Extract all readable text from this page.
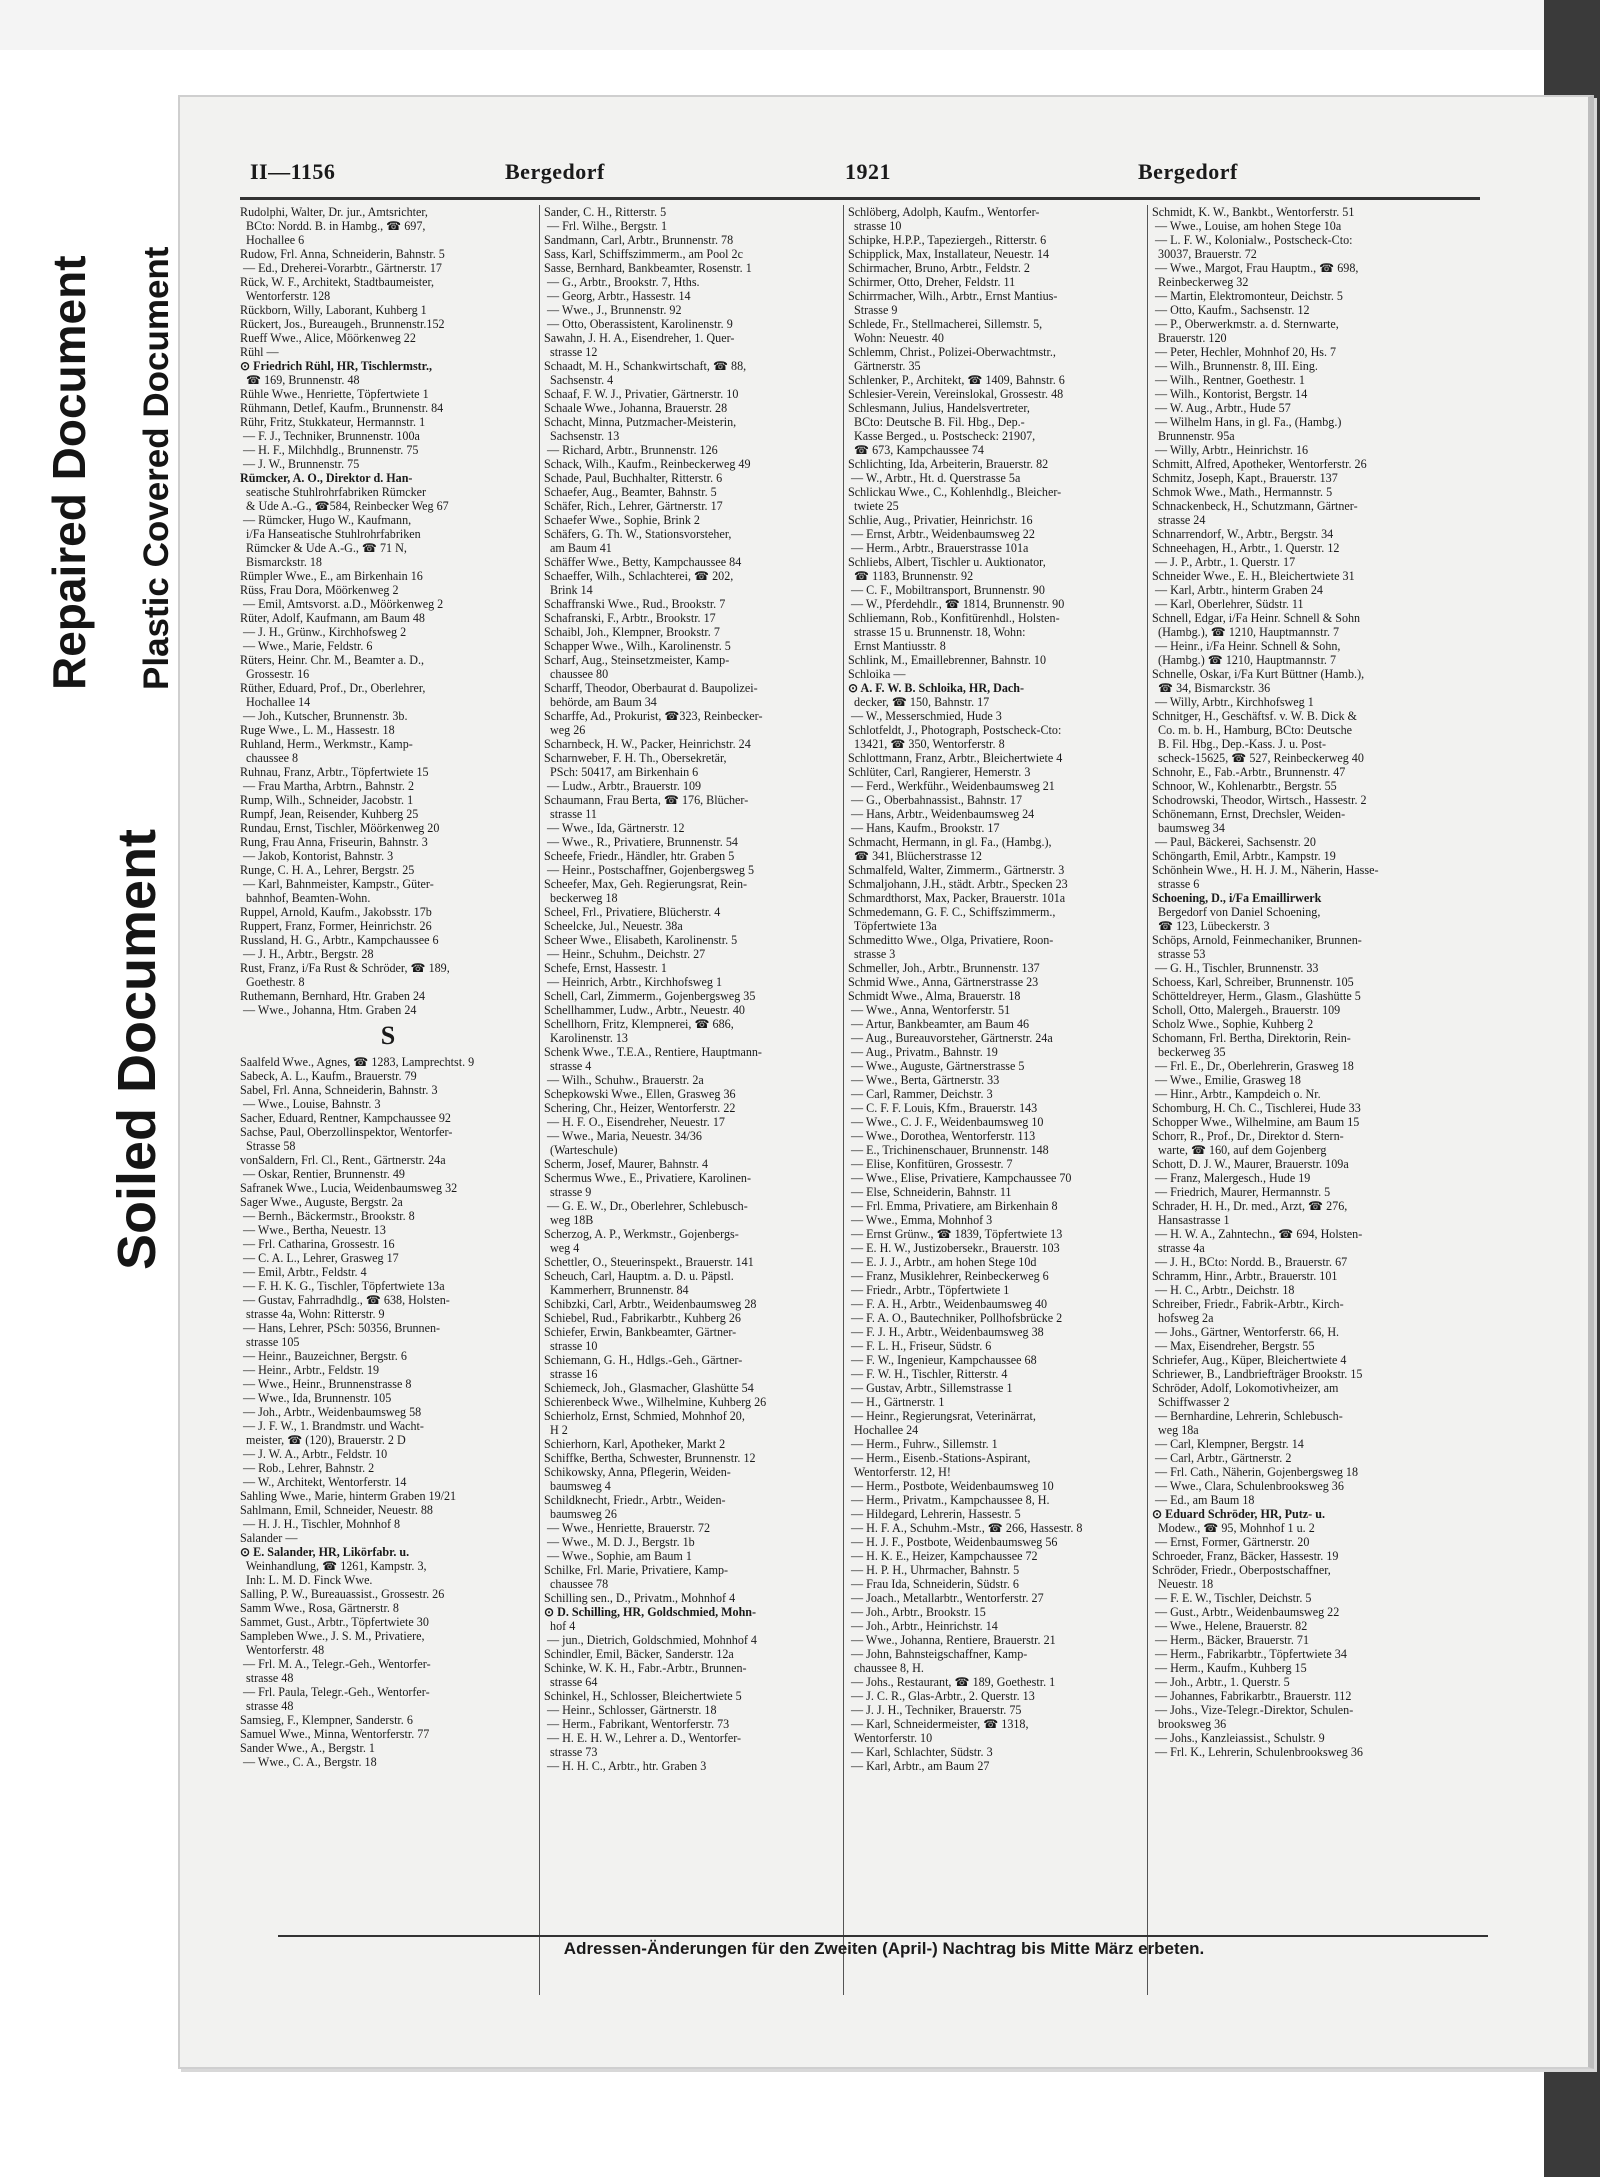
Repaired Document Plastic Covered Document
Soiled Document
II—1156	Bergedorf	1921	Bergedorf
Rudolphi, Walter, Dr. jur., Amtsrichter,
BCto: Nordd. B. in Hambg., ☎ 697,
Hochallee 6
Rudow, Frl. Anna, Schneiderin, Bahnstr. 5
— Ed., Dreherei-Vorarbtr., Gärtnerstr. 17
Rück, W. F., Architekt, Stadtbaumeister,
Wentorferstr. 128
Rückborn, Willy, Laborant, Kuhberg 1
Rückert, Jos., Bureaugeh., Brunnenstr.152
Rueff Wwe., Alice, Möörkenweg 22
Rühl —
⊙ Friedrich Rühl, HR, Tischlermstr.,
☎ 169, Brunnenstr. 48
Rühle Wwe., Henriette, Töpfertwiete 1
Rühmann, Detlef, Kaufm., Brunnenstr. 84
Rühr, Fritz, Stukkateur, Hermannstr. 1
— F. J., Techniker, Brunnenstr. 100a
— H. F., Milchhdlg., Brunnenstr. 75
— J. W., Brunnenstr. 75
Rümcker, A. O., Direktor d. Han-
seatische Stuhlrohrfabriken Rümcker
& Ude A.-G., ☎584, Reinbecker Weg 67
— Rümcker, Hugo W., Kaufmann,
i/Fa Hanseatische Stuhlrohrfabriken
Rümcker & Ude A.-G., ☎ 71 N,
Bismarckstr. 18
Rümpler Wwe., E., am Birkenhain 16
Rüss, Frau Dora, Möörkenweg 2
— Emil, Amtsvorst. a.D., Möörkenweg 2
Rüter, Adolf, Kaufmann, am Baum 48
— J. H., Grünw., Kirchhofsweg 2
— Wwe., Marie, Feldstr. 6
Rüters, Heinr. Chr. M., Beamter a. D.,
Grossestr. 16
Rüther, Eduard, Prof., Dr., Oberlehrer,
Hochallee 14
— Joh., Kutscher, Brunnenstr. 3b.
Ruge Wwe., L. M., Hassestr. 18
Ruhland, Herm., Werkmstr., Kamp-
chaussee 8
Ruhnau, Franz, Arbtr., Töpfertwiete 15
— Frau Martha, Arbtrn., Bahnstr. 2
Rump, Wilh., Schneider, Jacobstr. 1
Rumpf, Jean, Reisender, Kuhberg 25
Rundau, Ernst, Tischler, Möörkenweg 20
Rung, Frau Anna, Friseurin, Bahnstr. 3
— Jakob, Kontorist, Bahnstr. 3
Runge, C. H. A., Lehrer, Bergstr. 25
— Karl, Bahnmeister, Kampstr., Güter-
bahnhof, Beamten-Wohn.
Ruppel, Arnold, Kaufm., Jakobsstr. 17b
Ruppert, Franz, Former, Heinrichstr. 26
Russland, H. G., Arbtr., Kampchaussee 6
— J. H., Arbtr., Bergstr. 28
Rust, Franz, i/Fa Rust & Schröder, ☎ 189,
Goethestr. 8
Ruthemann, Bernhard, Htr. Graben 24
— Wwe., Johanna, Htm. Graben 24
S
Saalfeld Wwe., Agnes, ☎ 1283, Lamprechtst. 9
Sabeck, A. L., Kaufm., Brauerstr. 79
Sabel, Frl. Anna, Schneiderin, Bahnstr. 3
— Wwe., Louise, Bahnstr. 3
Sacher, Eduard, Rentner, Kampchaussee 92
Sachse, Paul, Oberzollinspektor, Wentorfer-
Strasse 58
vonSaldern, Frl. Cl., Rent., Gärtnerstr. 24a
— Oskar, Rentier, Brunnenstr. 49
Safranek Wwe., Lucia, Weidenbaumsweg 32
Sager Wwe., Auguste, Bergstr. 2a
— Bernh., Bäckermstr., Brookstr. 8
— Wwe., Bertha, Neuestr. 13
— Frl. Catharina, Grossestr. 16
— C. A. L., Lehrer, Grasweg 17
— Emil, Arbtr., Feldstr. 4
— F. H. K. G., Tischler, Töpfertwiete 13a
— Gustav, Fahrradhdlg., ☎ 638, Holsten-
strasse 4a, Wohn: Ritterstr. 9
— Hans, Lehrer, PSch: 50356, Brunnen-
strasse 105
— Heinr., Bauzeichner, Bergstr. 6
— Heinr., Arbtr., Feldstr. 19
— Wwe., Heinr., Brunnenstrasse 8
— Wwe., Ida, Brunnenstr. 105
— Joh., Arbtr., Weidenbaumsweg 58
— J. F. W., 1. Brandmstr. und Wacht-
meister, ☎ (120), Brauerstr. 2 D
— J. W. A., Arbtr., Feldstr. 10
— Rob., Lehrer, Bahnstr. 2
— W., Architekt, Wentorferstr. 14
Sahling Wwe., Marie, hinterm Graben 19/21
Sahlmann, Emil, Schneider, Neuestr. 88
— H. J. H., Tischler, Mohnhof 8
Salander —
⊙ E. Salander, HR, Likörfabr. u.
Weinhandlung, ☎ 1261, Kampstr. 3,
Inh: L. M. D. Finck Wwe.
Salling, P. W., Bureauassist., Grossestr. 26
Samm Wwe., Rosa, Gärtnerstr. 8
Sammet, Gust., Arbtr., Töpfertwiete 30
Sampleben Wwe., J. S. M., Privatiere,
Wentorferstr. 48
— Frl. M. A., Telegr.-Geh., Wentorfer-
strasse 48
— Frl. Paula, Telegr.-Geh., Wentorfer-
strasse 48
Samsieg, F., Klempner, Sanderstr. 6
Samuel Wwe., Minna, Wentorferstr. 77
Sander Wwe., A., Bergstr. 1
— Wwe., C. A., Bergstr. 18
Sander, C. H., Ritterstr. 5
— Frl. Wilhe., Bergstr. 1
Sandmann, Carl, Arbtr., Brunnenstr. 78
Sass, Karl, Schiffszimmerm., am Pool 2c
Sasse, Bernhard, Bankbeamter, Rosenstr. 1
— G., Arbtr., Brookstr. 7, Hths.
— Georg, Arbtr., Hassestr. 14
— Wwe., J., Brunnenstr. 92
— Otto, Oberassistent, Karolinenstr. 9
Sawahn, J. H. A., Eisendreher, 1. Quer-
strasse 12
Schaadt, M. H., Schankwirtschaft, ☎ 88,
Sachsenstr. 4
Schaaf, F. W. J., Privatier, Gärtnerstr. 10
Schaale Wwe., Johanna, Brauerstr. 28
Schacht, Minna, Putzmacher-Meisterin,
Sachsenstr. 13
— Richard, Arbtr., Brunnenstr. 126
Schack, Wilh., Kaufm., Reinbeckerweg 49
Schade, Paul, Buchhalter, Ritterstr. 6
Schaefer, Aug., Beamter, Bahnstr. 5
Schäfer, Rich., Lehrer, Gärtnerstr. 17
Schaefer Wwe., Sophie, Brink 2
Schäfers, G. Th. W., Stationsvorsteher,
am Baum 41
Schäffer Wwe., Betty, Kampchaussee 84
Schaeffer, Wilh., Schlachterei, ☎ 202,
Brink 14
Schaffranski Wwe., Rud., Brookstr. 7
Schafranski, F., Arbtr., Brookstr. 17
Schaibl, Joh., Klempner, Brookstr. 7
Schapper Wwe., Wilh., Karolinenstr. 5
Scharf, Aug., Steinsetzmeister, Kamp-
chaussee 80
Scharff, Theodor, Oberbaurat d. Baupolizei-
behörde, am Baum 34
Scharffe, Ad., Prokurist, ☎323, Reinbecker-
weg 26
Scharnbeck, H. W., Packer, Heinrichstr. 24
Scharnweber, F. H. Th., Obersekretär,
PSch: 50417, am Birkenhain 6
— Ludw., Arbtr., Brauerstr. 109
Schaumann, Frau Berta, ☎ 176, Blücher-
strasse 11
— Wwe., Ida, Gärtnerstr. 12
— Wwe., R., Privatiere, Brunnenstr. 54
Scheefe, Friedr., Händler, htr. Graben 5
— Heinr., Postschaffner, Gojenbergsweg 5
Scheefer, Max, Geh. Regierungsrat, Rein-
beckerweg 18
Scheel, Frl., Privatiere, Blücherstr. 4
Scheelcke, Jul., Neuestr. 38a
Scheer Wwe., Elisabeth, Karolinenstr. 5
— Heinr., Schuhm., Deichstr. 27
Schefe, Ernst, Hassestr. 1
— Heinrich, Arbtr., Kirchhofsweg 1
Schell, Carl, Zimmerm., Gojenbergsweg 35
Schellhammer, Ludw., Arbtr., Neuestr. 40
Schellhorn, Fritz, Klempnerei, ☎ 686,
Karolinenstr. 13
Schenk Wwe., T.E.A., Rentiere, Hauptmann-
strasse 4
— Wilh., Schuhw., Brauerstr. 2a
Schepkowski Wwe., Ellen, Grasweg 36
Schering, Chr., Heizer, Wentorferstr. 22
— H. F. O., Eisendreher, Neuestr. 17
— Wwe., Maria, Neuestr. 34/36
(Warteschule)
Scherm, Josef, Maurer, Bahnstr. 4
Schermus Wwe., E., Privatiere, Karolinen-
strasse 9
— G. E. W., Dr., Oberlehrer, Schlebusch-
weg 18B
Scherzog, A. P., Werkmstr., Gojenbergs-
weg 4
Schettler, O., Steuerinspekt., Brauerstr. 141
Scheuch, Carl, Hauptm. a. D. u. Päpstl.
Kammerherr, Brunnenstr. 84
Schibzki, Carl, Arbtr., Weidenbaumsweg 28
Schiebel, Rud., Fabrikarbtr., Kuhberg 26
Schiefer, Erwin, Bankbeamter, Gärtner-
strasse 10
Schiemann, G. H., Hdlgs.-Geh., Gärtner-
strasse 16
Schiemeck, Joh., Glasmacher, Glashütte 54
Schierenbeck Wwe., Wilhelmine, Kuhberg 26
Schierholz, Ernst, Schmied, Mohnhof 20,
H 2
Schierhorn, Karl, Apotheker, Markt 2
Schiffke, Bertha, Schwester, Brunnenstr. 12
Schikowsky, Anna, Pflegerin, Weiden-
baumsweg 4
Schildknecht, Friedr., Arbtr., Weiden-
baumsweg 26
— Wwe., Henriette, Brauerstr. 72
— Wwe., M. D. J., Bergstr. 1b
— Wwe., Sophie, am Baum 1
Schilke, Frl. Marie, Privatiere, Kamp-
chaussee 78
Schilling sen., D., Privatm., Mohnhof 4
⊙ D. Schilling, HR, Goldschmied, Mohn-
hof 4
— jun., Dietrich, Goldschmied, Mohnhof 4
Schindler, Emil, Bäcker, Sanderstr. 12a
Schinke, W. K. H., Fabr.-Arbtr., Brunnen-
strasse 64
Schinkel, H., Schlosser, Bleichertwiete 5
— Heinr., Schlosser, Gärtnerstr. 18
— Herm., Fabrikant, Wentorferstr. 73
— H. E. H. W., Lehrer a. D., Wentorfer-
strasse 73
— H. H. C., Arbtr., htr. Graben 3
Schlöberg, Adolph, Kaufm., Wentorfer-
strasse 10
Schipke, H.P.P., Tapeziergeh., Ritterstr. 6
Schipplick, Max, Installateur, Neuestr. 14
Schirmacher, Bruno, Arbtr., Feldstr. 2
Schirmer, Otto, Dreher, Feldstr. 11
Schirrmacher, Wilh., Arbtr., Ernst Mantius-
Strasse 9
Schlede, Fr., Stellmacherei, Sillemstr. 5,
Wohn: Neuestr. 40
Schlemm, Christ., Polizei-Oberwachtmstr.,
Gärtnerstr. 35
Schlenker, P., Architekt, ☎ 1409, Bahnstr. 6
Schlesier-Verein, Vereinslokal, Grossestr. 48
Schlesmann, Julius, Handelsvertreter,
BCto: Deutsche B. Fil. Hbg., Dep.-
Kasse Berged., u. Postscheck: 21907,
☎ 673, Kampchaussee 74
Schlichting, Ida, Arbeiterin, Brauerstr. 82
— W., Arbtr., Ht. d. Querstrasse 5a
Schlickau Wwe., C., Kohlenhdlg., Bleicher-
twiete 25
Schlie, Aug., Privatier, Heinrichstr. 16
— Ernst, Arbtr., Weidenbaumsweg 22
— Herm., Arbtr., Brauerstrasse 101a
Schliebs, Albert, Tischler u. Auktionator,
☎ 1183, Brunnenstr. 92
— C. F., Mobiltransport, Brunnenstr. 90
— W., Pferdehdlr., ☎ 1814, Brunnenstr. 90
Schliemann, Rob., Konfitürenhdl., Holsten-
strasse 15 u. Brunnenstr. 18, Wohn:
Ernst Mantiusstr. 8
Schlink, M., Emaillebrenner, Bahnstr. 10
Schloika —
⊙ A. F. W. B. Schloika, HR, Dach-
decker, ☎ 150, Bahnstr. 17
— W., Messerschmied, Hude 3
Schlotfeldt, J., Photograph, Postscheck-Cto:
13421, ☎ 350, Wentorferstr. 8
Schlottmann, Franz, Arbtr., Bleichertwiete 4
Schlüter, Carl, Rangierer, Hemerstr. 3
— Ferd., Werkführ., Weidenbaumsweg 21
— G., Oberbahnassist., Bahnstr. 17
— Hans, Arbtr., Weidenbaumsweg 24
— Hans, Kaufm., Brookstr. 17
Schmacht, Hermann, in gl. Fa., (Hambg.),
☎ 341, Blücherstrasse 12
Schmalfeld, Walter, Zimmerm., Gärtnerstr. 3
Schmaljohann, J.H., städt. Arbtr., Specken 23
Schmardthorst, Max, Packer, Brauerstr. 101a
Schmedemann, G. F. C., Schiffszimmerm.,
Töpfertwiete 13a
Schmeditto Wwe., Olga, Privatiere, Roon-
strasse 3
Schmeller, Joh., Arbtr., Brunnenstr. 137
Schmid Wwe., Anna, Gärtnerstrasse 23
Schmidt Wwe., Alma, Brauerstr. 18
— Wwe., Anna, Wentorferstr. 51
— Artur, Bankbeamter, am Baum 46
— Aug., Bureauvorsteher, Gärtnerstr. 24a
— Aug., Privatm., Bahnstr. 19
— Wwe., Auguste, Gärtnerstrasse 5
— Wwe., Berta, Gärtnerstr. 33
— Carl, Rammer, Deichstr. 3
— C. F. F. Louis, Kfm., Brauerstr. 143
— Wwe., C. J. F., Weidenbaumsweg 10
— Wwe., Dorothea, Wentorferstr. 113
— E., Trichinenschauer, Brunnenstr. 148
— Elise, Konfitüren, Grossestr. 7
— Wwe., Elise, Privatiere, Kampchaussee 70
— Else, Schneiderin, Bahnstr. 11
— Frl. Emma, Privatiere, am Birkenhain 8
— Wwe., Emma, Mohnhof 3
— Ernst Grünw., ☎ 1839, Töpfertwiete 13
— E. H. W., Justizobersekr., Brauerstr. 103
— E. J. J., Arbtr., am hohen Stege 10d
— Franz, Musiklehrer, Reinbeckerweg 6
— Friedr., Arbtr., Töpfertwiete 1
— F. A. H., Arbtr., Weidenbaumsweg 40
— F. A. O., Bautechniker, Pollhofsbrücke 2
— F. J. H., Arbtr., Weidenbaumsweg 38
— F. L. H., Friseur, Südstr. 6
— F. W., Ingenieur, Kampchaussee 68
— F. W. H., Tischler, Ritterstr. 4
— Gustav, Arbtr., Sillemstrasse 1
— H., Gärtnerstr. 1
— Heinr., Regierungsrat, Veterinärrat,
Hochallee 24
— Herm., Fuhrw., Sillemstr. 1
— Herm., Eisenb.-Stations-Aspirant,
Wentorferstr. 12, H!
— Herm., Postbote, Weidenbaumsweg 10
— Herm., Privatm., Kampchaussee 8, H.
— Hildegard, Lehrerin, Hassestr. 5
— H. F. A., Schuhm.-Mstr., ☎ 266, Hassestr. 8
— H. J. F., Postbote, Weidenbaumsweg 56
— H. K. E., Heizer, Kampchaussee 72
— H. P. H., Uhrmacher, Bahnstr. 5
— Frau Ida, Schneiderin, Südstr. 6
— Joach., Metallarbtr., Wentorferstr. 27
— Joh., Arbtr., Brookstr. 15
— Joh., Arbtr., Heinrichstr. 14
— Wwe., Johanna, Rentiere, Brauerstr. 21
— John, Bahnsteigschaffner, Kamp-
chaussee 8, H.
— Johs., Restaurant, ☎ 189, Goethestr. 1
— J. C. R., Glas-Arbtr., 2. Querstr. 13
— J. J. H., Techniker, Brauerstr. 75
— Karl, Schneidermeister, ☎ 1318,
Wentorferstr. 10
— Karl, Schlachter, Südstr. 3
— Karl, Arbtr., am Baum 27
Schmidt, K. W., Bankbt., Wentorferstr. 51
— Wwe., Louise, am hohen Stege 10a
— L. F. W., Kolonialw., Postscheck-Cto:
30037, Brauerstr. 72
— Wwe., Margot, Frau Hauptm., ☎ 698,
Reinbeckerweg 32
— Martin, Elektromonteur, Deichstr. 5
— Otto, Kaufm., Sachsenstr. 12
— P., Oberwerkmstr. a. d. Sternwarte,
Brauerstr. 120
— Peter, Hechler, Mohnhof 20, Hs. 7
— Wilh., Brunnenstr. 8, III. Eing.
— Wilh., Rentner, Goethestr. 1
— Wilh., Kontorist, Bergstr. 14
— W. Aug., Arbtr., Hude 57
— Wilhelm Hans, in gl. Fa., (Hambg.)
Brunnenstr. 95a
— Willy, Arbtr., Heinrichstr. 16
Schmitt, Alfred, Apotheker, Wentorferstr. 26
Schmitz, Joseph, Kapt., Brauerstr. 137
Schmok Wwe., Math., Hermannstr. 5
Schnackenbeck, H., Schutzmann, Gärtner-
strasse 24
Schnarrendorf, W., Arbtr., Bergstr. 34
Schneehagen, H., Arbtr., 1. Querstr. 12
— J. P., Arbtr., 1. Querstr. 17
Schneider Wwe., E. H., Bleichertwiete 31
— Karl, Arbtr., hinterm Graben 24
— Karl, Oberlehrer, Südstr. 11
Schnell, Edgar, i/Fa Heinr. Schnell & Sohn
(Hambg.), ☎ 1210, Hauptmannstr. 7
— Heinr., i/Fa Heinr. Schnell & Sohn,
(Hambg.) ☎ 1210, Hauptmannstr. 7
Schnelle, Oskar, i/Fa Kurt Büttner (Hamb.),
☎ 34, Bismarckstr. 36
— Willy, Arbtr., Kirchhofsweg 1
Schnitger, H., Geschäftsf. v. W. B. Dick &
Co. m. b. H., Hamburg, BCto: Deutsche
B. Fil. Hbg., Dep.-Kass. J. u. Post-
scheck-15625, ☎ 527, Reinbeckerweg 40
Schnohr, E., Fab.-Arbtr., Brunnenstr. 47
Schnoor, W., Kohlenarbtr., Bergstr. 55
Schodrowski, Theodor, Wirtsch., Hassestr. 2
Schönemann, Ernst, Drechsler, Weiden-
baumsweg 34
— Paul, Bäckerei, Sachsenstr. 20
Schöngarth, Emil, Arbtr., Kampstr. 19
Schönhein Wwe., H. H. J. M., Näherin, Hasse-
strasse 6
Schoening, D., i/Fa Emaillirwerk
Bergedorf von Daniel Schoening,
☎ 123, Lübeckerstr. 3
Schöps, Arnold, Feinmechaniker, Brunnen-
strasse 53
— G. H., Tischler, Brunnenstr. 33
Schoess, Karl, Schreiber, Brunnenstr. 105
Schötteldreyer, Herm., Glasm., Glashütte 5
Scholl, Otto, Malergeh., Brauerstr. 109
Scholz Wwe., Sophie, Kuhberg 2
Schomann, Frl. Bertha, Direktorin, Rein-
beckerweg 35
— Frl. E., Dr., Oberlehrerin, Grasweg 18
— Wwe., Emilie, Grasweg 18
— Hinr., Arbtr., Kampdeich o. Nr.
Schomburg, H. Ch. C., Tischlerei, Hude 33
Schopper Wwe., Wilhelmine, am Baum 15
Schorr, R., Prof., Dr., Direktor d. Stern-
warte, ☎ 160, auf dem Gojenberg
Schott, D. J. W., Maurer, Brauerstr. 109a
— Franz, Malergesch., Hude 19
— Friedrich, Maurer, Hermannstr. 5
Schrader, H. H., Dr. med., Arzt, ☎ 276,
Hansastrasse 1
— H. W. A., Zahntechn., ☎ 694, Holsten-
strasse 4a
— J. H., BCto: Nordd. B., Brauerstr. 67
Schramm, Hinr., Arbtr., Brauerstr. 101
— H. C., Arbtr., Deichstr. 18
Schreiber, Friedr., Fabrik-Arbtr., Kirch-
hofsweg 2a
— Johs., Gärtner, Wentorferstr. 66, H.
— Max, Eisendreher, Bergstr. 55
Schriefer, Aug., Küper, Bleichertwiete 4
Schriewer, B., Landbriefträger Brookstr. 15
Schröder, Adolf, Lokomotivheizer, am
Schiffwasser 2
— Bernhardine, Lehrerin, Schlebusch-
weg 18a
— Carl, Klempner, Bergstr. 14
— Carl, Arbtr., Gärtnerstr. 2
— Frl. Cath., Näherin, Gojenbergsweg 18
— Wwe., Clara, Schulenbrooksweg 36
— Ed., am Baum 18
⊙ Eduard Schröder, HR, Putz- u.
Modew., ☎ 95, Mohnhof 1 u. 2
— Ernst, Former, Gärtnerstr. 20
Schroeder, Franz, Bäcker, Hassestr. 19
Schröder, Friedr., Oberpostschaffner,
Neuestr. 18
— F. E. W., Tischler, Deichstr. 5
— Gust., Arbtr., Weidenbaumsweg 22
— Wwe., Helene, Brauerstr. 82
— Herm., Bäcker, Brauerstr. 71
— Herm., Fabrikarbtr., Töpfertwiete 34
— Herm., Kaufm., Kuhberg 15
— Joh., Arbtr., 1. Querstr. 5
— Johannes, Fabrikarbtr., Brauerstr. 112
— Johs., Vize-Telegr.-Direktor, Schulen-
brooksweg 36
— Johs., Kanzleiassist., Schulstr. 9
— Frl. K., Lehrerin, Schulenbrooksweg 36
Adressen-Änderungen für den Zweiten (April-) Nachtrag bis Mitte März erbeten.
